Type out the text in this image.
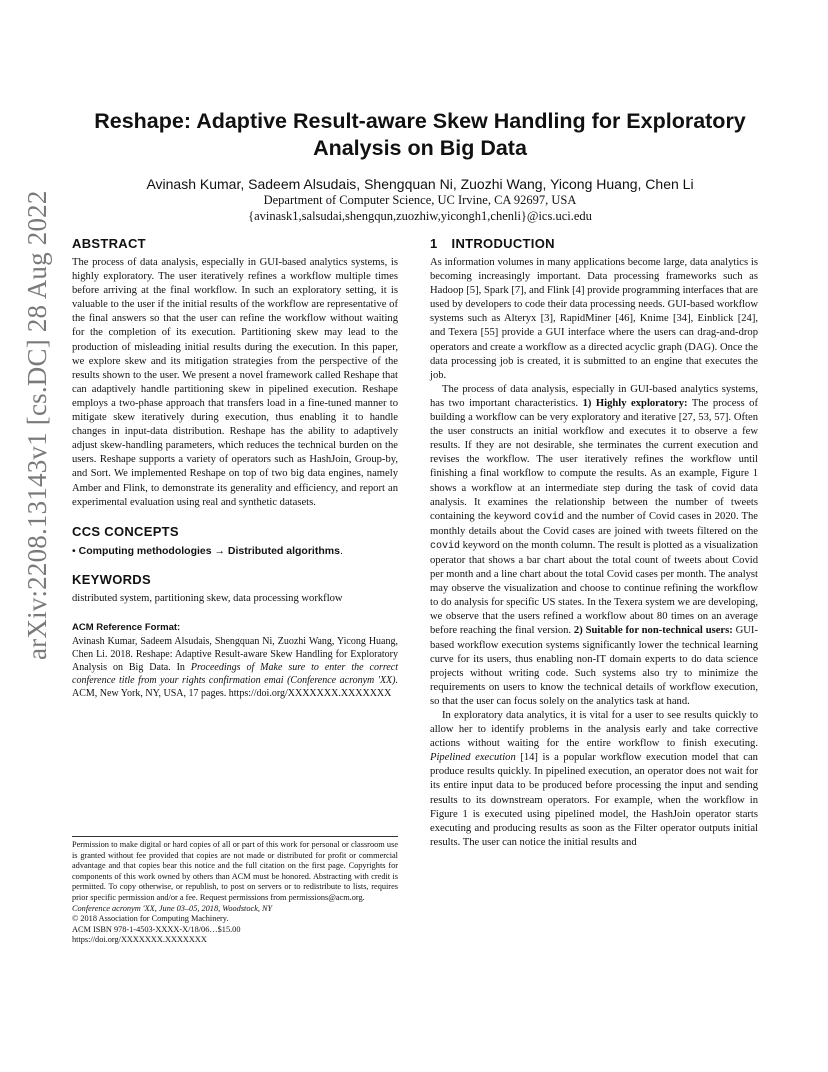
arXiv:2208.13143v1 [cs.DC] 28 Aug 2022
Reshape: Adaptive Result-aware Skew Handling for Exploratory
Analysis on Big Data
Avinash Kumar, Sadeem Alsudais, Shengquan Ni, Zuozhi Wang, Yicong Huang, Chen Li
Department of Computer Science, UC Irvine, CA 92697, USA
{avinask1,salsudai,shengqun,zuozhiw,yicongh1,chenli}@ics.uci.edu
ABSTRACT

The process of data analysis, especially in GUI-based analytics systems, is highly exploratory. The user iteratively refines a workflow multiple times before arriving at the final workflow. In such an exploratory setting, it is valuable to the user if the initial results of the workflow are representative of the final answers so that the user can refine the workflow without waiting for the completion of its execution. Partitioning skew may lead to the production of misleading initial results during the execution. In this paper, we explore skew and its mitigation strategies from the perspective of the results shown to the user. We present a novel framework called Reshape that can adaptively handle partitioning skew in pipelined execution. Reshape employs a two-phase approach that transfers load in a fine-tuned manner to mitigate skew iteratively during execution, thus enabling it to handle changes in input-data distribution. Reshape has the ability to adaptively adjust skew-handling parameters, which reduces the technical burden on the users. Reshape supports a variety of operators such as HashJoin, Group-by, and Sort. We implemented Reshape on top of two big data engines, namely Amber and Flink, to demonstrate its generality and efficiency, and report an experimental evaluation using real and synthetic datasets.

CCS CONCEPTS

• Computing methodologies → Distributed algorithms.

KEYWORDS

distributed system, partitioning skew, data processing workflow

ACM Reference Format:

Avinash Kumar, Sadeem Alsudais, Shengquan Ni, Zuozhi Wang, Yicong Huang, Chen Li. 2018. Reshape: Adaptive Result-aware Skew Handling for Exploratory Analysis on Big Data. In Proceedings of Make sure to enter the correct conference title from your rights confirmation emai (Conference acronym 'XX). ACM, New York, NY, USA, 17 pages. https://doi.org/XXXXXXX.XXXXXXX

Permission to make digital or hard copies of all or part of this work for personal or classroom use is granted without fee provided that copies are not made or distributed for profit or commercial advantage and that copies bear this notice and the full citation on the first page. Copyrights for components of this work owned by others than ACM must be honored. Abstracting with credit is permitted. To copy otherwise, or republish, to post on servers or to redistribute to lists, requires prior specific permission and/or a fee. Request permissions from permissions@acm.org.

Conference acronym 'XX, June 03–05, 2018, Woodstock, NY

© 2018 Association for Computing Machinery.

ACM ISBN 978-1-4503-XXXX-X/18/06…$15.00

https://doi.org/XXXXXXX.XXXXXXX

1 INTRODUCTION

As information volumes in many applications become large, data analytics is becoming increasingly important. Data processing frameworks such as Hadoop [5], Spark [7], and Flink [4] provide programming interfaces that are used by developers to code their data processing needs. GUI-based workflow systems such as Alteryx [3], RapidMiner [46], Knime [34], Einblick [24], and Texera [55] provide a GUI interface where the users can drag-and-drop operators and create a workflow as a directed acyclic graph (DAG). Once the data processing job is created, it is submitted to an engine that executes the job.

The process of data analysis, especially in GUI-based analytics systems, has two important characteristics. 1) Highly exploratory: The process of building a workflow can be very exploratory and iterative [27, 53, 57]. Often the user constructs an initial workflow and executes it to observe a few results. If they are not desirable, she terminates the current execution and revises the workflow. The user iteratively refines the workflow until finishing a final workflow to compute the results. As an example, Figure 1 shows a workflow at an intermediate step during the task of covid data analysis. It examines the relationship between the number of tweets containing the keyword covid and the number of Covid cases in 2020. The monthly details about the Covid cases are joined with tweets filtered on the covid keyword on the month column. The result is plotted as a visualization operator that shows a bar chart about the total count of tweets about Covid per month and a line chart about the total Covid cases per month. The analyst may observe the visualization and choose to continue refining the workflow to do analysis for specific US states. In the Texera system we are developing, we observe that the users refined a workflow about 80 times on an average before reaching the final version. 2) Suitable for non-technical users: GUI-based workflow execution systems significantly lower the technical learning curve for its users, thus enabling non-IT domain experts to do data science projects without writing code. Such systems also try to minimize the requirements on users to know the technical details of workflow execution, so that the user can focus solely on the analytics task at hand.

In exploratory data analytics, it is vital for a user to see results quickly to allow her to identify problems in the analysis early and take corrective actions without waiting for the entire workflow to finish executing. Pipelined execution [14] is a popular workflow execution model that can produce results quickly. In pipelined execution, an operator does not wait for its entire input data to be produced before processing the input and sending results to its downstream operators. For example, when the workflow in Figure 1 is executed using pipelined model, the HashJoin operator starts executing and producing results as soon as the Filter operator outputs initial results. The user can notice the initial results and
